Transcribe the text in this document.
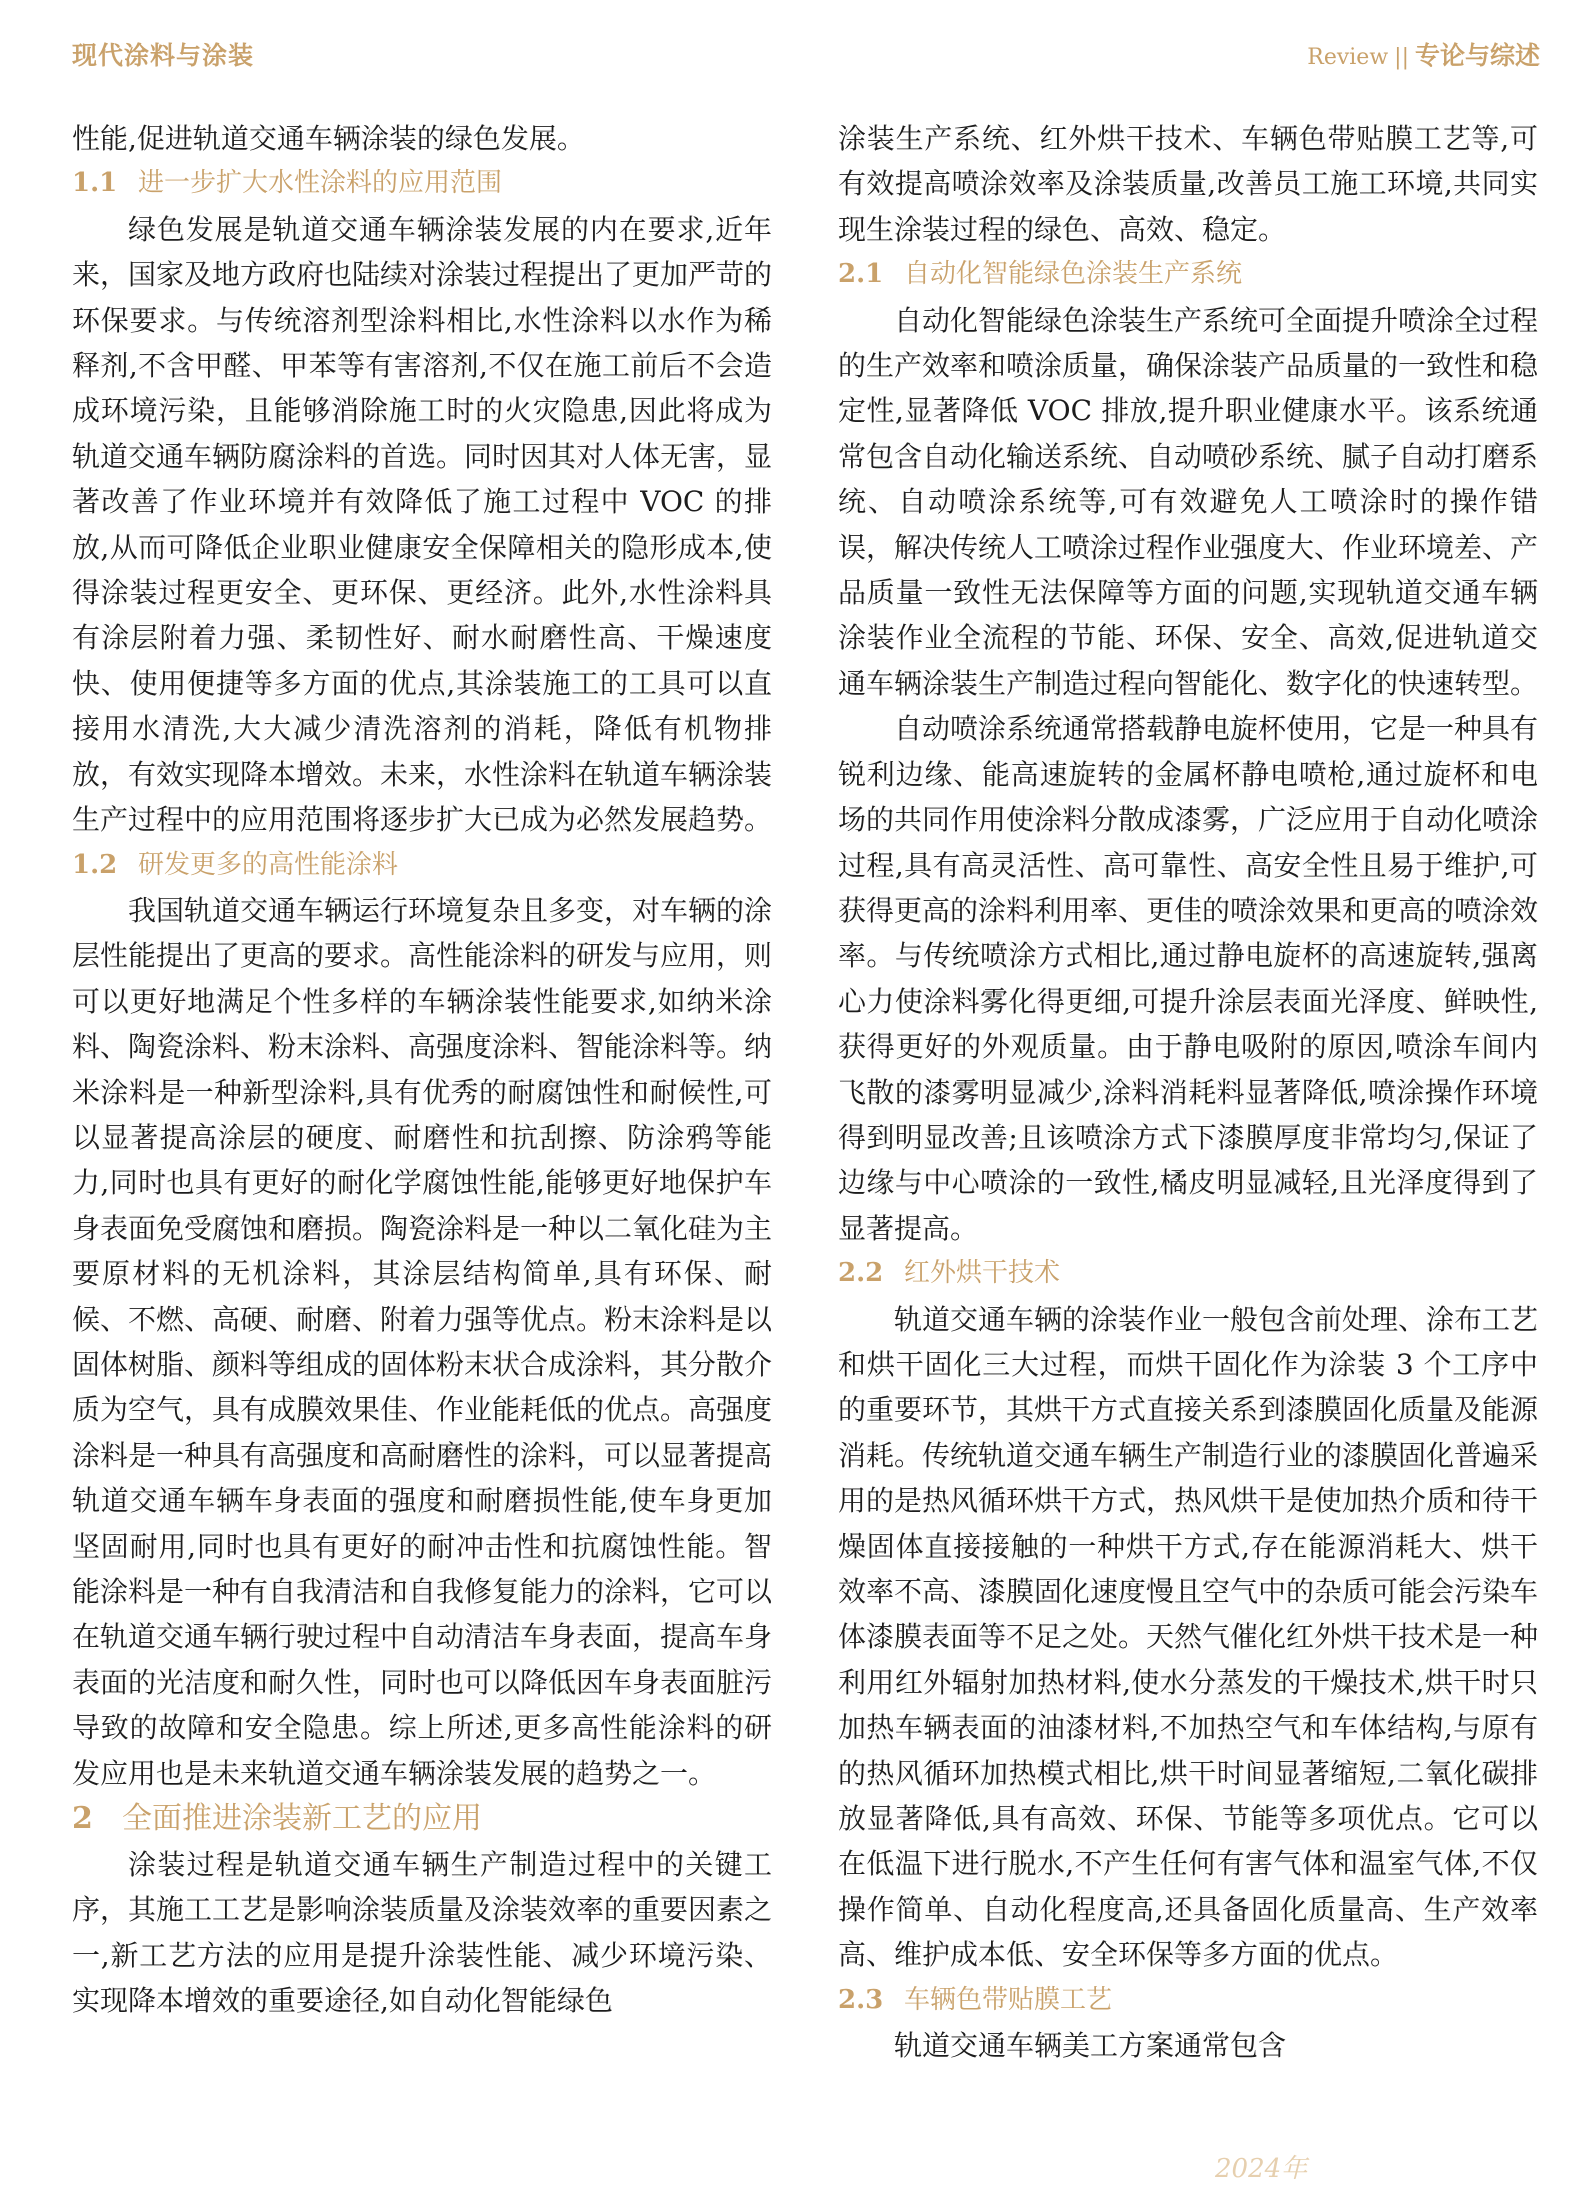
现代涂料与涂装	Review || 专论与综述

性能,促进轨道交通车辆涂装的绿色发展。

1.1 进一步扩大水性涂料的应用范围

绿色发展是轨道交通车辆涂装发展的内在要求,近年来，国家及地方政府也陆续对涂装过程提出了更加严苛的环保要求。与传统溶剂型涂料相比,水性涂料以水作为稀释剂,不含甲醛、甲苯等有害溶剂,不仅在施工前后不会造成环境污染，且能够消除施工时的火灾隐患,因此将成为轨道交通车辆防腐涂料的首选。同时因其对人体无害，显著改善了作业环境并有效降低了施工过程中 VOC 的排放,从而可降低企业职业健康安全保障相关的隐形成本,使得涂装过程更安全、更环保、更经济。此外,水性涂料具有涂层附着力强、柔韧性好、耐水耐磨性高、干燥速度快、使用便捷等多方面的优点,其涂装施工的工具可以直接用水清洗,大大减少清洗溶剂的消耗，降低有机物排放，有效实现降本增效。未来，水性涂料在轨道车辆涂装生产过程中的应用范围将逐步扩大已成为必然发展趋势。

1.2 研发更多的高性能涂料

我国轨道交通车辆运行环境复杂且多变，对车辆的涂层性能提出了更高的要求。高性能涂料的研发与应用，则可以更好地满足个性多样的车辆涂装性能要求,如纳米涂料、陶瓷涂料、粉末涂料、高强度涂料、智能涂料等。纳米涂料是一种新型涂料,具有优秀的耐腐蚀性和耐候性,可以显著提高涂层的硬度、耐磨性和抗刮擦、防涂鸦等能力,同时也具有更好的耐化学腐蚀性能,能够更好地保护车身表面免受腐蚀和磨损。陶瓷涂料是一种以二氧化硅为主要原材料的无机涂料，其涂层结构简单,具有环保、耐候、不燃、高硬、耐磨、附着力强等优点。粉末涂料是以固体树脂、颜料等组成的固体粉末状合成涂料，其分散介质为空气，具有成膜效果佳、作业能耗低的优点。高强度涂料是一种具有高强度和高耐磨性的涂料，可以显著提高轨道交通车辆车身表面的强度和耐磨损性能,使车身更加坚固耐用,同时也具有更好的耐冲击性和抗腐蚀性能。智能涂料是一种有自我清洁和自我修复能力的涂料，它可以在轨道交通车辆行驶过程中自动清洁车身表面，提高车身表面的光洁度和耐久性，同时也可以降低因车身表面脏污导致的故障和安全隐患。综上所述,更多高性能涂料的研发应用也是未来轨道交通车辆涂装发展的趋势之一。

2 全面推进涂装新工艺的应用

涂装过程是轨道交通车辆生产制造过程中的关键工序，其施工工艺是影响涂装质量及涂装效率的重要因素之一,新工艺方法的应用是提升涂装性能、减少环境污染、实现降本增效的重要途径,如自动化智能绿色

涂装生产系统、红外烘干技术、车辆色带贴膜工艺等,可有效提高喷涂效率及涂装质量,改善员工施工环境,共同实现生涂装过程的绿色、高效、稳定。

2.1 自动化智能绿色涂装生产系统

自动化智能绿色涂装生产系统可全面提升喷涂全过程的生产效率和喷涂质量，确保涂装产品质量的一致性和稳定性,显著降低 VOC 排放,提升职业健康水平。该系统通常包含自动化输送系统、自动喷砂系统、腻子自动打磨系统、自动喷涂系统等,可有效避免人工喷涂时的操作错误，解决传统人工喷涂过程作业强度大、作业环境差、产品质量一致性无法保障等方面的问题,实现轨道交通车辆涂装作业全流程的节能、环保、安全、高效,促进轨道交通车辆涂装生产制造过程向智能化、数字化的快速转型。

自动喷涂系统通常搭载静电旋杯使用，它是一种具有锐利边缘、能高速旋转的金属杯静电喷枪,通过旋杯和电场的共同作用使涂料分散成漆雾，广泛应用于自动化喷涂过程,具有高灵活性、高可靠性、高安全性且易于维护,可获得更高的涂料利用率、更佳的喷涂效果和更高的喷涂效率。与传统喷涂方式相比,通过静电旋杯的高速旋转,强离心力使涂料雾化得更细,可提升涂层表面光泽度、鲜映性,获得更好的外观质量。由于静电吸附的原因,喷涂车间内飞散的漆雾明显减少,涂料消耗料显著降低,喷涂操作环境得到明显改善;且该喷涂方式下漆膜厚度非常均匀,保证了边缘与中心喷涂的一致性,橘皮明显减轻,且光泽度得到了显著提高。

2.2 红外烘干技术

轨道交通车辆的涂装作业一般包含前处理、涂布工艺和烘干固化三大过程，而烘干固化作为涂装 3 个工序中的重要环节，其烘干方式直接关系到漆膜固化质量及能源消耗。传统轨道交通车辆生产制造行业的漆膜固化普遍采用的是热风循环烘干方式，热风烘干是使加热介质和待干燥固体直接接触的一种烘干方式,存在能源消耗大、烘干效率不高、漆膜固化速度慢且空气中的杂质可能会污染车体漆膜表面等不足之处。天然气催化红外烘干技术是一种利用红外辐射加热材料,使水分蒸发的干燥技术,烘干时只加热车辆表面的油漆材料,不加热空气和车体结构,与原有的热风循环加热模式相比,烘干时间显著缩短,二氧化碳排放显著降低,具有高效、环保、节能等多项优点。它可以在低温下进行脱水,不产生任何有害气体和温室气体,不仅操作简单、自动化程度高,还具备固化质量高、生产效率高、维护成本低、安全环保等多方面的优点。

2.3 车辆色带贴膜工艺

轨道交通车辆美工方案通常包含

2024年
